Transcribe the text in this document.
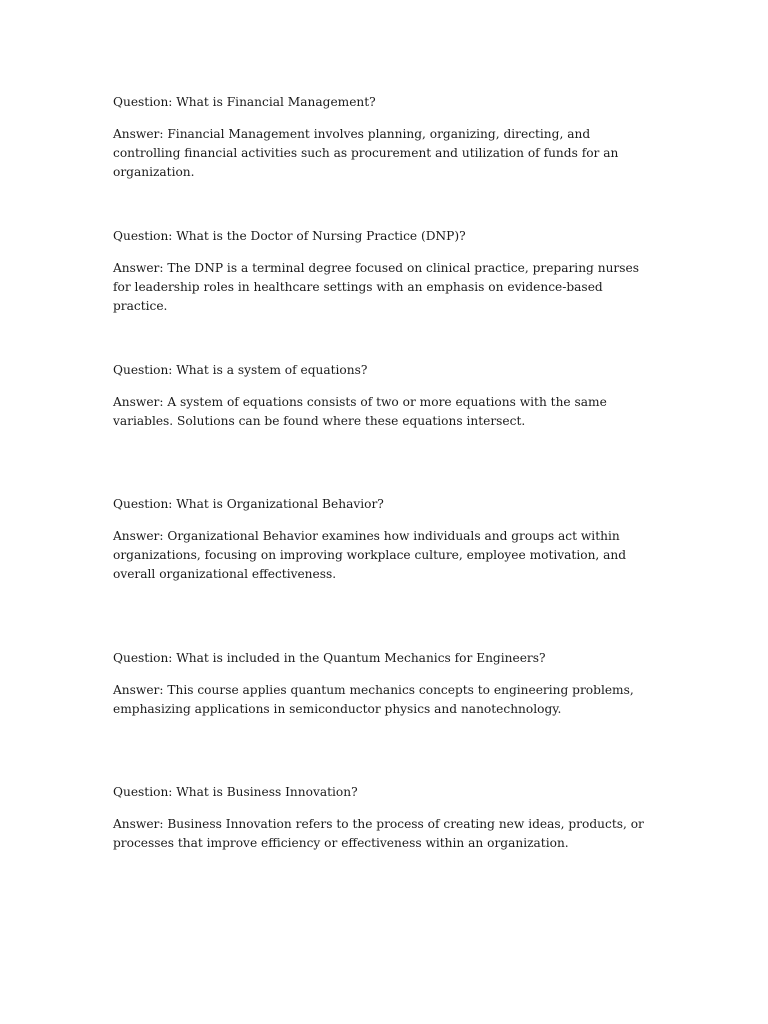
Question: What is Financial Management?

Answer: Financial Management involves planning, organizing, directing, and controlling financial activities such as procurement and utilization of funds for an organization.

Question: What is the Doctor of Nursing Practice (DNP)?

Answer: The DNP is a terminal degree focused on clinical practice, preparing nurses for leadership roles in healthcare settings with an emphasis on evidence-based practice.

Question: What is a system of equations?

Answer: A system of equations consists of two or more equations with the same variables. Solutions can be found where these equations intersect.

Question: What is Organizational Behavior?

Answer: Organizational Behavior examines how individuals and groups act within organizations, focusing on improving workplace culture, employee motivation, and overall organizational effectiveness.

Question: What is included in the Quantum Mechanics for Engineers?

Answer: This course applies quantum mechanics concepts to engineering problems, emphasizing applications in semiconductor physics and nanotechnology.

Question: What is Business Innovation?

Answer: Business Innovation refers to the process of creating new ideas, products, or processes that improve efficiency or effectiveness within an organization.
